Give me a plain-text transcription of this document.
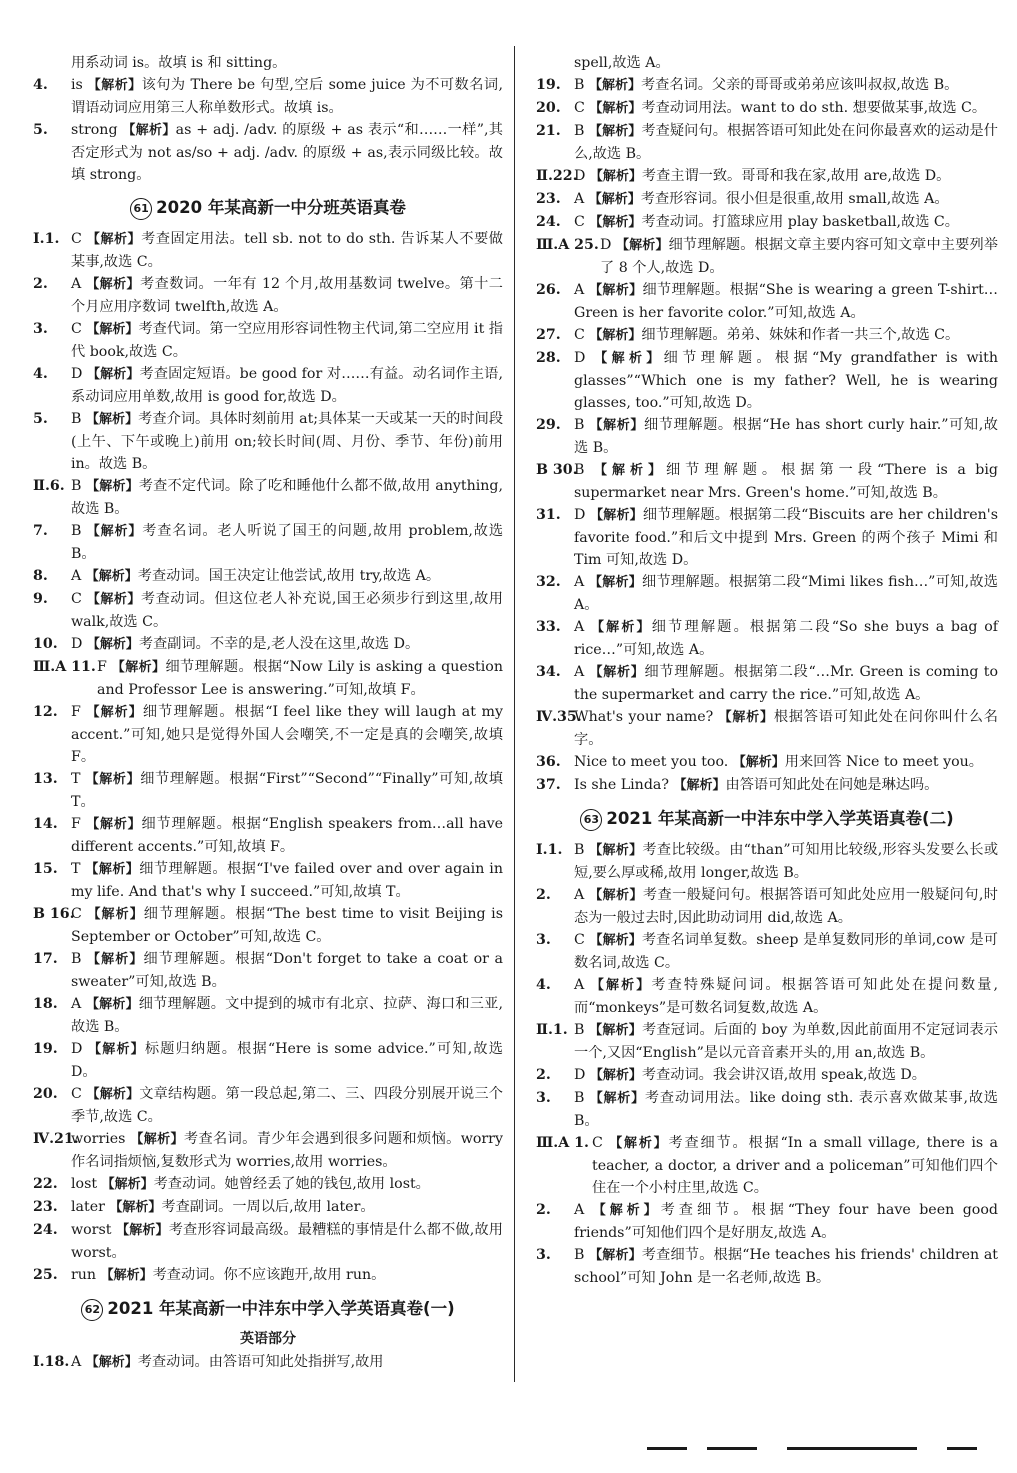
用系动词 is。故填 is 和 sitting。

4. is 【解析】该句为 There be 句型,空后 some juice 为不可数名词,谓语动词应用第三人称单数形式。故填 is。

5. strong 【解析】as + adj. /adv. 的原级 + as 表示“和……一样”,其否定形式为 not as/so + adj. /adv. 的原级 + as,表示同级比较。故填 strong。

61 2020 年某高新一中分班英语真卷

Ⅰ.1. C 【解析】考查固定用法。tell sb. not to do sth. 告诉某人不要做某事,故选 C。

2. A 【解析】考查数词。一年有 12 个月,故用基数词 twelve。第十二个月应用序数词 twelfth,故选 A。

3. C 【解析】考查代词。第一空应用形容词性物主代词,第二空应用 it 指代 book,故选 C。

4. D 【解析】考查固定短语。be good for 对……有益。动名词作主语,系动词应用单数,故用 is good for,故选 D。

5. B 【解析】考查介词。具体时刻前用 at;具体某一天或某一天的时间段(上午、下午或晚上)前用 on;较长时间(周、月份、季节、年份)前用 in。故选 B。

Ⅱ.6. B 【解析】考查不定代词。除了吃和睡他什么都不做,故用 anything,故选 B。

7. B 【解析】考查名词。老人听说了国王的问题,故用 problem,故选 B。

8. A 【解析】考查动词。国王决定让他尝试,故用 try,故选 A。

9. C 【解析】考查动词。但这位老人补充说,国王必须步行到这里,故用 walk,故选 C。

10. D 【解析】考查副词。不幸的是,老人没在这里,故选 D。

Ⅲ.A 11. F 【解析】细节理解题。根据“Now Lily is asking a question and Professor Lee is answering.”可知,故填 F。

12. F 【解析】细节理解题。根据“I feel like they will laugh at my accent.”可知,她只是觉得外国人会嘲笑,不一定是真的会嘲笑,故填 F。

13. T 【解析】细节理解题。根据“First”“Second”“Finally”可知,故填 T。

14. F 【解析】细节理解题。根据“English speakers from…all have different accents.”可知,故填 F。

15. T 【解析】细节理解题。根据“I've failed over and over again in my life. And that's why I succeed.”可知,故填 T。

B 16.
C 【解析】细节理解题。根据“The best time to visit Beijing is September or October”可知,故选 C。

17. B 【解析】细节理解题。根据“Don't forget to take a coat or a sweater”可知,故选 B。

18. A 【解析】细节理解题。文中提到的城市有北京、拉萨、海口和三亚,故选 B。

19. D 【解析】标题归纳题。根据“Here is some advice.”可知,故选 D。

20. C 【解析】文章结构题。第一段总起,第二、三、四段分别展开说三个季节,故选 C。

Ⅳ.21.
worries 【解析】考查名词。青少年会遇到很多问题和烦恼。worry 作名词指烦恼,复数形式为 worries,故用 worries。

22. lost 【解析】考查动词。她曾经丢了她的钱包,故用 lost。

23. later 【解析】考查副词。一周以后,故用 later。

24. worst 【解析】考查形容词最高级。最糟糕的事情是什么都不做,故用 worst。

25. run 【解析】考查动词。你不应该跑开,故用 run。

62 2021 年某高新一中沣东中学入学英语真卷(一)
英语部分

Ⅰ.18. A 【解析】考查动词。由答语可知此处指拼写,故用

spell,故选 A。

19. B 【解析】考查名词。父亲的哥哥或弟弟应该叫叔叔,故选 B。

20. C 【解析】考查动词用法。want to do sth. 想要做某事,故选 C。

21. B 【解析】考查疑问句。根据答语可知此处在问你最喜欢的运动是什么,故选 B。

Ⅱ.22.
D 【解析】考查主谓一致。哥哥和我在家,故用 are,故选 D。

23. A 【解析】考查形容词。很小但是很重,故用 small,故选 A。

24. C 【解析】考查动词。打篮球应用 play basketball,故选 C。

Ⅲ.A 25. D 【解析】细节理解题。根据文章主要内容可知文章中主要列举了 8 个人,故选 D。

26. A 【解析】细节理解题。根据“She is wearing a green T-shirt…Green is her favorite color.”可知,故选 A。

27. C 【解析】细节理解题。弟弟、妹妹和作者一共三个,故选 C。

28. D 【解析】细节理解题。根据“My grandfather is with glasses”“Which one is my father? Well, he is wearing glasses, too.”可知,故选 D。

29. B 【解析】细节理解题。根据“He has short curly hair.”可知,故选 B。

B 30.
B 【解析】细节理解题。根据第一段“There is a big supermarket near Mrs. Green's home.”可知,故选 B。

31. D 【解析】细节理解题。根据第二段“Biscuits are her children's favorite food.”和后文中提到 Mrs. Green 的两个孩子 Mimi 和 Tim 可知,故选 D。

32. A 【解析】细节理解题。根据第二段“Mimi likes fish…”可知,故选 A。

33. A 【解析】细节理解题。根据第二段“So she buys a bag of rice…”可知,故选 A。

34. A 【解析】细节理解题。根据第二段“…Mr. Green is coming to the supermarket and carry the rice.”可知,故选 A。

Ⅳ.35.
What's your name? 【解析】根据答语可知此处在问你叫什么名字。

36. Nice to meet you too. 【解析】用来回答 Nice to meet you。

37. Is she Linda? 【解析】由答语可知此处在问她是琳达吗。

63 2021 年某高新一中沣东中学入学英语真卷(二)

Ⅰ.1. B 【解析】考查比较级。由“than”可知用比较级,形容头发要么长或短,要么厚或稀,故用 longer,故选 B。

2. A 【解析】考查一般疑问句。根据答语可知此处应用一般疑问句,时态为一般过去时,因此助动词用 did,故选 A。

3. C 【解析】考查名词单复数。sheep 是单复数同形的单词,cow 是可数名词,故选 C。

4. A 【解析】考查特殊疑问词。根据答语可知此处在提问数量,而“monkeys”是可数名词复数,故选 A。

Ⅱ.1. B 【解析】考查冠词。后面的 boy 为单数,因此前面用不定冠词表示一个,又因“English”是以元音音素开头的,用 an,故选 B。

2. D 【解析】考查动词。我会讲汉语,故用 speak,故选 D。

3. B 【解析】考查动词用法。like doing sth. 表示喜欢做某事,故选 B。

Ⅲ.A 1. C 【解析】考查细节。根据“In a small village, there is a teacher, a doctor, a driver and a policeman”可知他们四个住在一个小村庄里,故选 C。

2. A 【解析】考查细节。根据“They four have been good friends”可知他们四个是好朋友,故选 A。

3. B 【解析】考查细节。根据“He teaches his friends' children at school”可知 John 是一名老师,故选 B。
